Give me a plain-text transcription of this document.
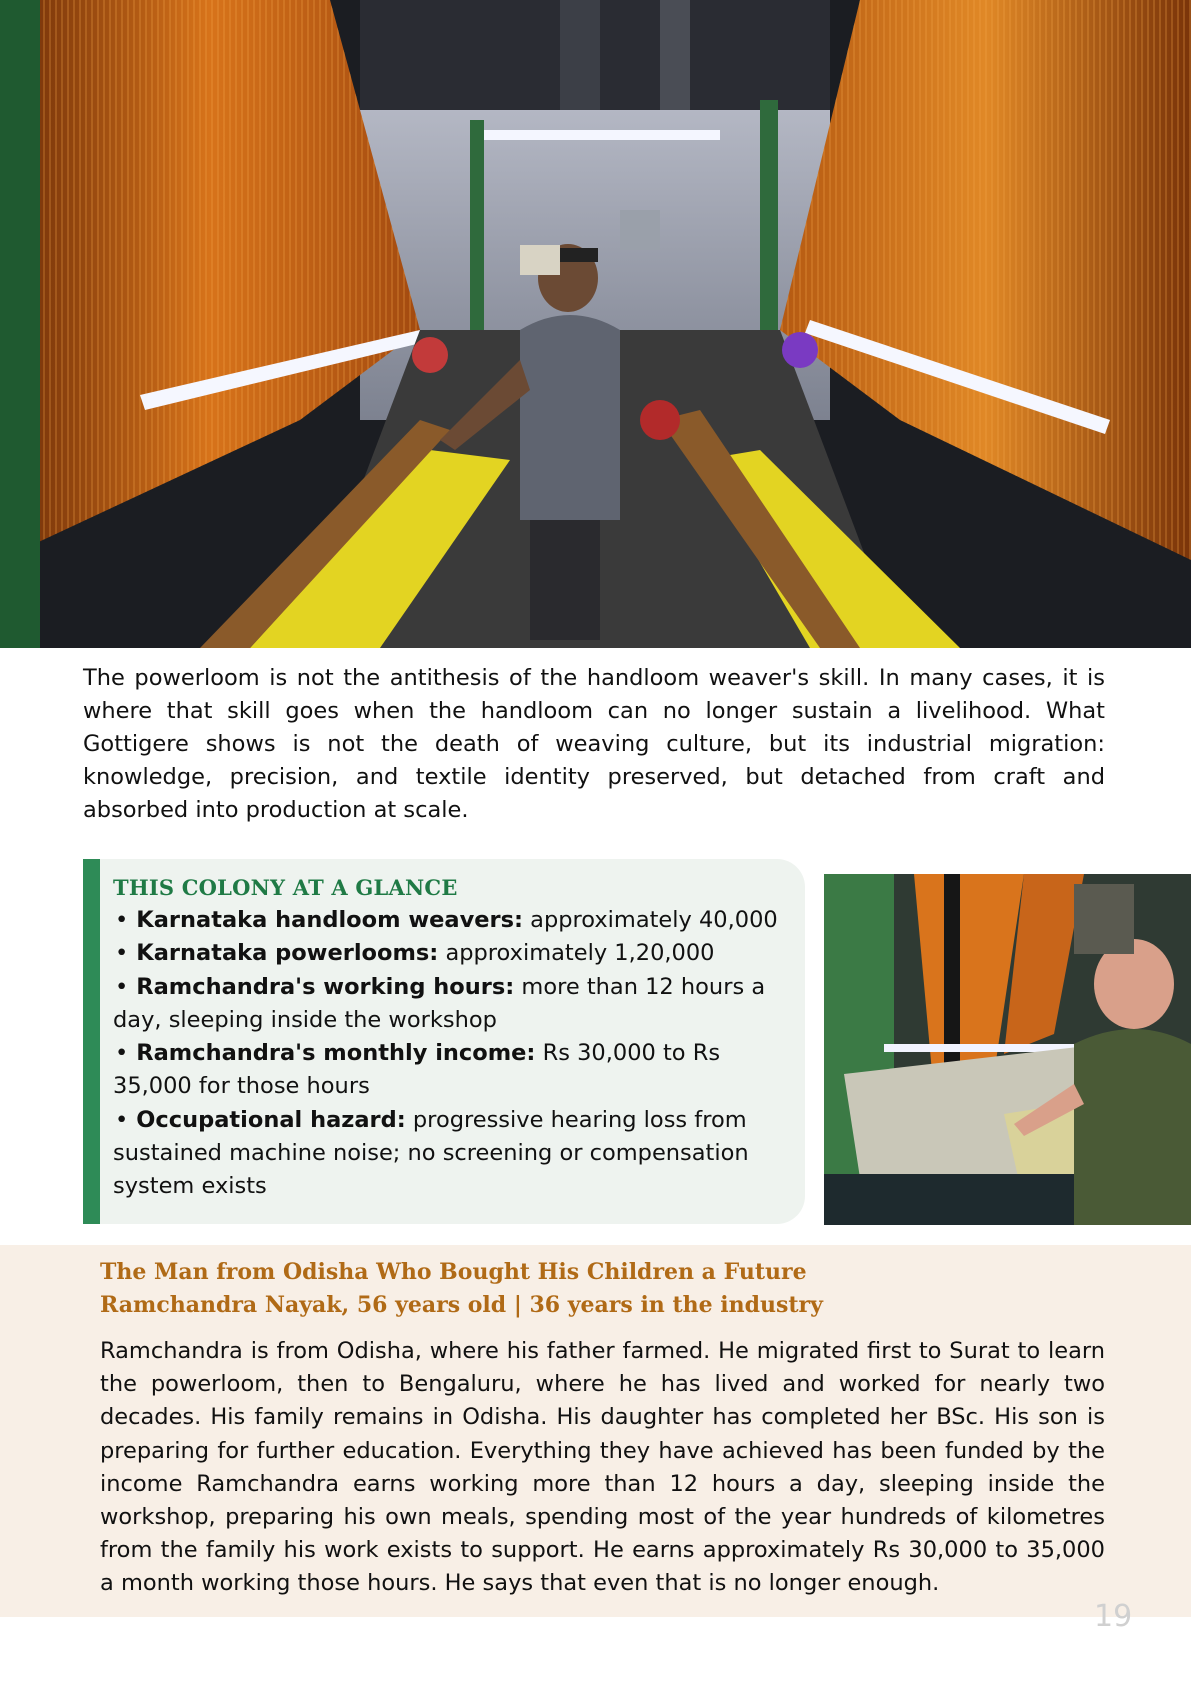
The powerloom is not the antithesis of the handloom weaver's skill. In many cases, it is where that skill goes when the handloom can no longer sustain a livelihood. What Gottigere shows is not the death of weaving culture, but its industrial migration: knowledge, precision, and textile identity preserved, but detached from craft and absorbed into production at scale.

THIS COLONY AT A GLANCE
• Karnataka handloom weavers: approximately 40,000
• Karnataka powerlooms: approximately 1,20,000
• Ramchandra's working hours: more than 12 hours a day, sleeping inside the workshop
• Ramchandra's monthly income: Rs 30,000 to Rs 35,000 for those hours
• Occupational hazard: progressive hearing loss from sustained machine noise; no screening or compensation system exists
The Man from Odisha Who Bought His Children a Future
Ramchandra Nayak, 56 years old | 36 years in the industry

Ramchandra is from Odisha, where his father farmed. He migrated first to Surat to learn the powerloom, then to Bengaluru, where he has lived and worked for nearly two decades. His family remains in Odisha. His daughter has completed her BSc. His son is preparing for further education. Everything they have achieved has been funded by the income Ramchandra earns working more than 12 hours a day, sleeping inside the workshop, preparing his own meals, spending most of the year hundreds of kilometres from the family his work exists to support. He earns approximately Rs 30,000 to 35,000 a month working those hours. He says that even that is no longer enough.

19
